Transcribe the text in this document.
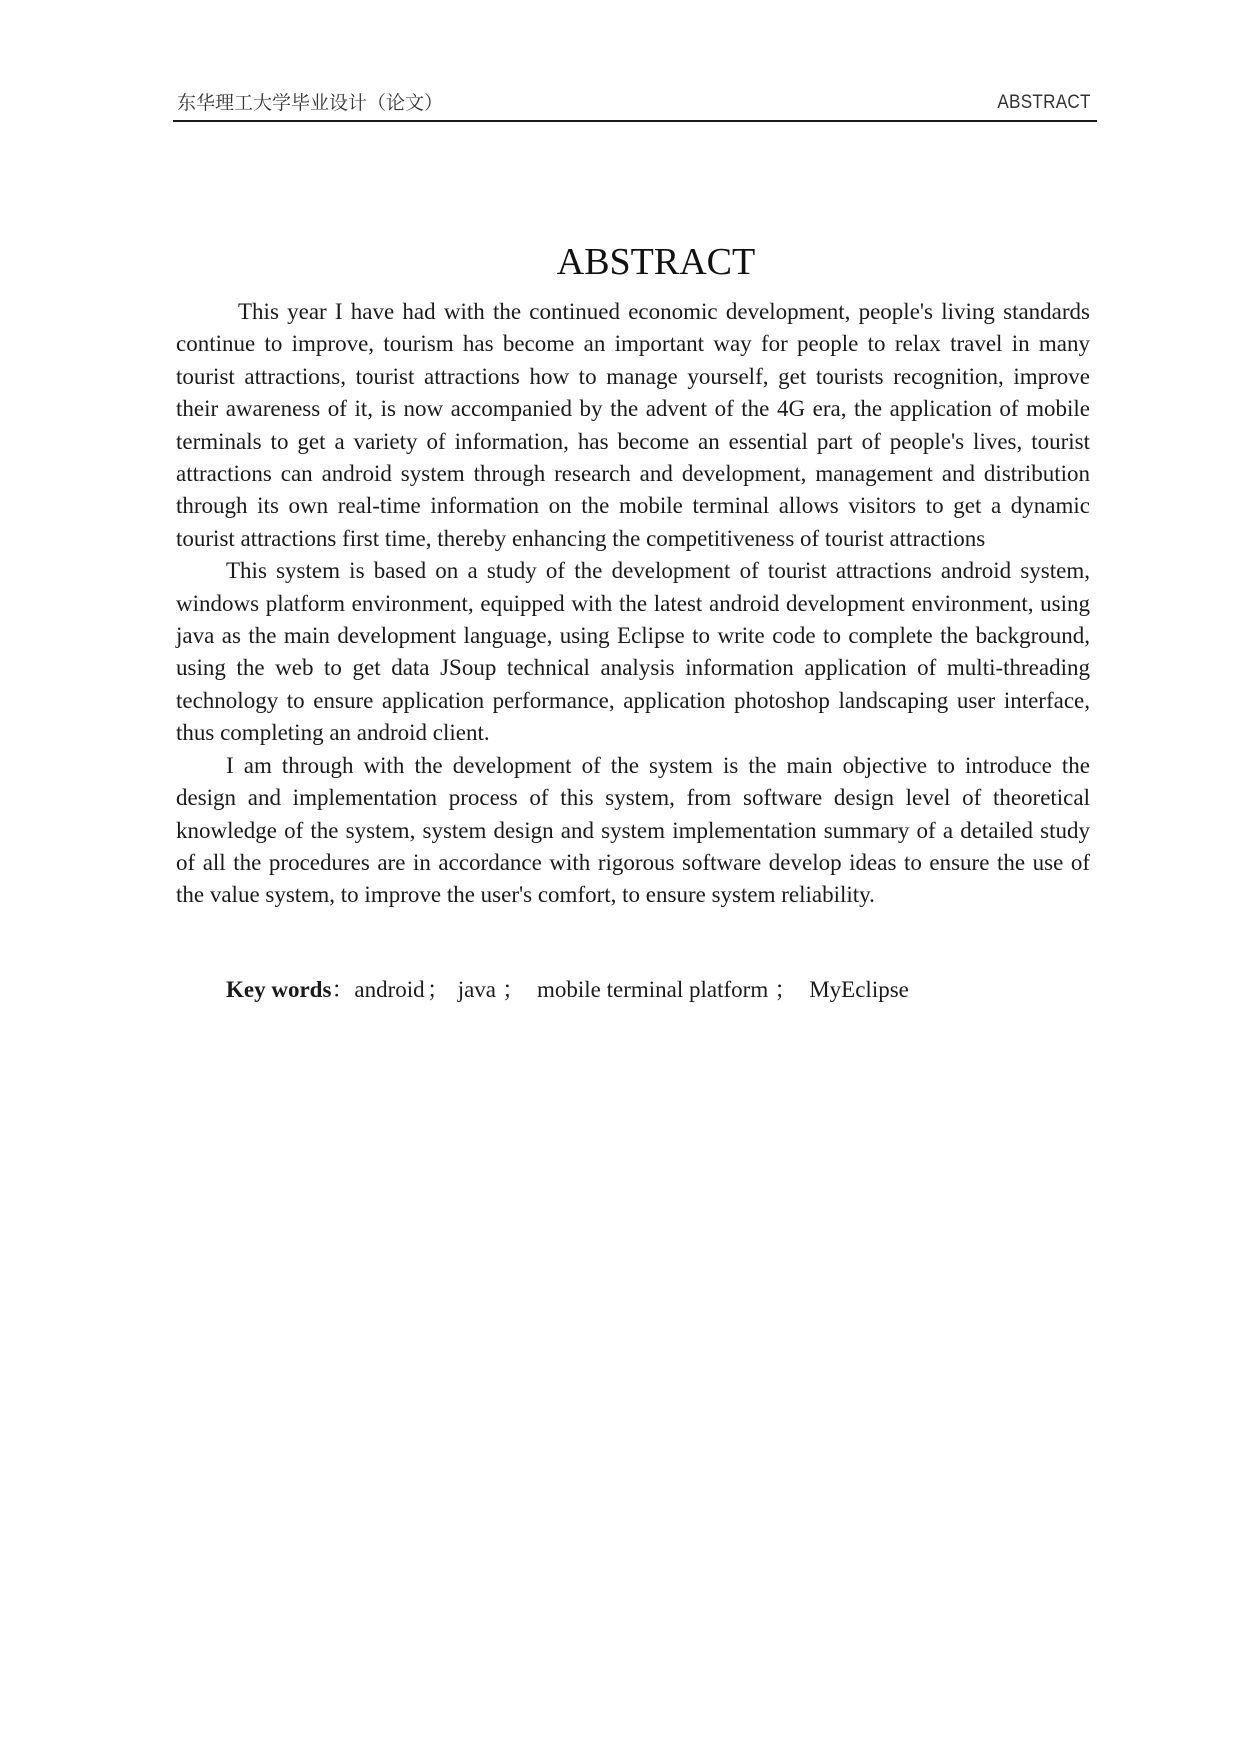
东华理工大学毕业设计（论文）	ABSTRACT
ABSTRACT

This year I have had with the continued economic development, people's living standards continue to improve, tourism has become an important way for people to relax travel in many tourist attractions, tourist attractions how to manage yourself, get tourists recognition, improve their awareness of it, is now accompanied by the advent of the 4G era, the application of mobile terminals to get a variety of information, has become an essential part of people's lives, tourist attractions can android system through research and development, management and distribution through its own real-time information on the mobile terminal allows visitors to get a dynamic tourist attractions first time, thereby enhancing the competitiveness of tourist attractions

This system is based on a study of the development of tourist attractions android system, windows platform environment, equipped with the latest android development environment, using java as the main development language, using Eclipse to write code to complete the background, using the web to get data JSoup technical analysis information application of multi-threading technology to ensure application performance, application photoshop landscaping user interface, thus completing an android client.

I am through with the development of the system is the main objective to introduce the design and implementation process of this system, from software design level of theoretical knowledge of the system, system design and system implementation summary of a detailed study of all the procedures are in accordance with rigorous software develop ideas to ensure the use of the value system, to improve the user's comfort, to ensure system reliability.

Key words：android； java ； mobile terminal platform ； MyEclipse
